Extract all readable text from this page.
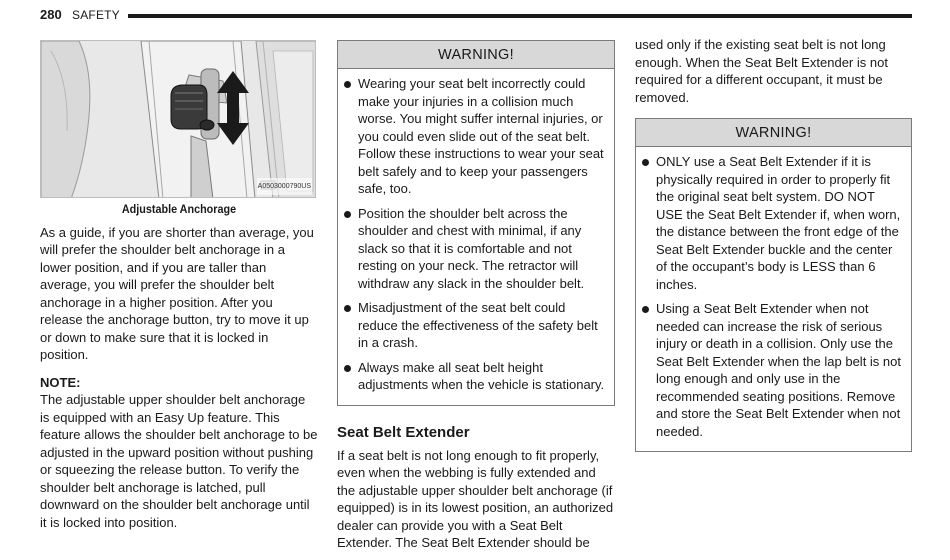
280 SAFETY
A0503000790US
Adjustable Anchorage

As a guide, if you are shorter than average, you will prefer the shoulder belt anchorage in a lower position, and if you are taller than average, you will prefer the shoulder belt anchorage in a higher position. After you release the anchorage button, try to move it up or down to make sure that it is locked in position.

NOTE:

The adjustable upper shoulder belt anchorage is equipped with an Easy Up feature. This feature allows the shoulder belt anchorage to be adjusted in the upward position without pushing or squeezing the release button. To verify the shoulder belt anchorage is latched, pull downward on the shoulder belt anchorage until it is locked into position.

WARNING!
Wearing your seat belt incorrectly could make your injuries in a collision much worse. You might suffer internal injuries, or you could even slide out of the seat belt. Follow these instructions to wear your seat belt safely and to keep your passengers safe, too.
Position the shoulder belt across the shoulder and chest with minimal, if any slack so that it is comfortable and not resting on your neck. The retractor will withdraw any slack in the shoulder belt.
Misadjustment of the seat belt could reduce the effectiveness of the safety belt in a crash.
Always make all seat belt height adjustments when the vehicle is stationary.
Seat Belt Extender

If a seat belt is not long enough to fit properly, even when the webbing is fully extended and the adjustable upper shoulder belt anchorage (if equipped) is in its lowest position, an authorized dealer can provide you with a Seat Belt Extender. The Seat Belt Extender should be

used only if the existing seat belt is not long enough. When the Seat Belt Extender is not required for a different occupant, it must be removed.

WARNING!
ONLY use a Seat Belt Extender if it is physically required in order to properly fit the original seat belt system. DO NOT USE the Seat Belt Extender if, when worn, the distance between the front edge of the Seat Belt Extender buckle and the center of the occupant’s body is LESS than 6 inches.
Using a Seat Belt Extender when not needed can increase the risk of serious injury or death in a collision. Only use the Seat Belt Extender when the lap belt is not long enough and only use in the recommended seating positions. Remove and store the Seat Belt Extender when not needed.
